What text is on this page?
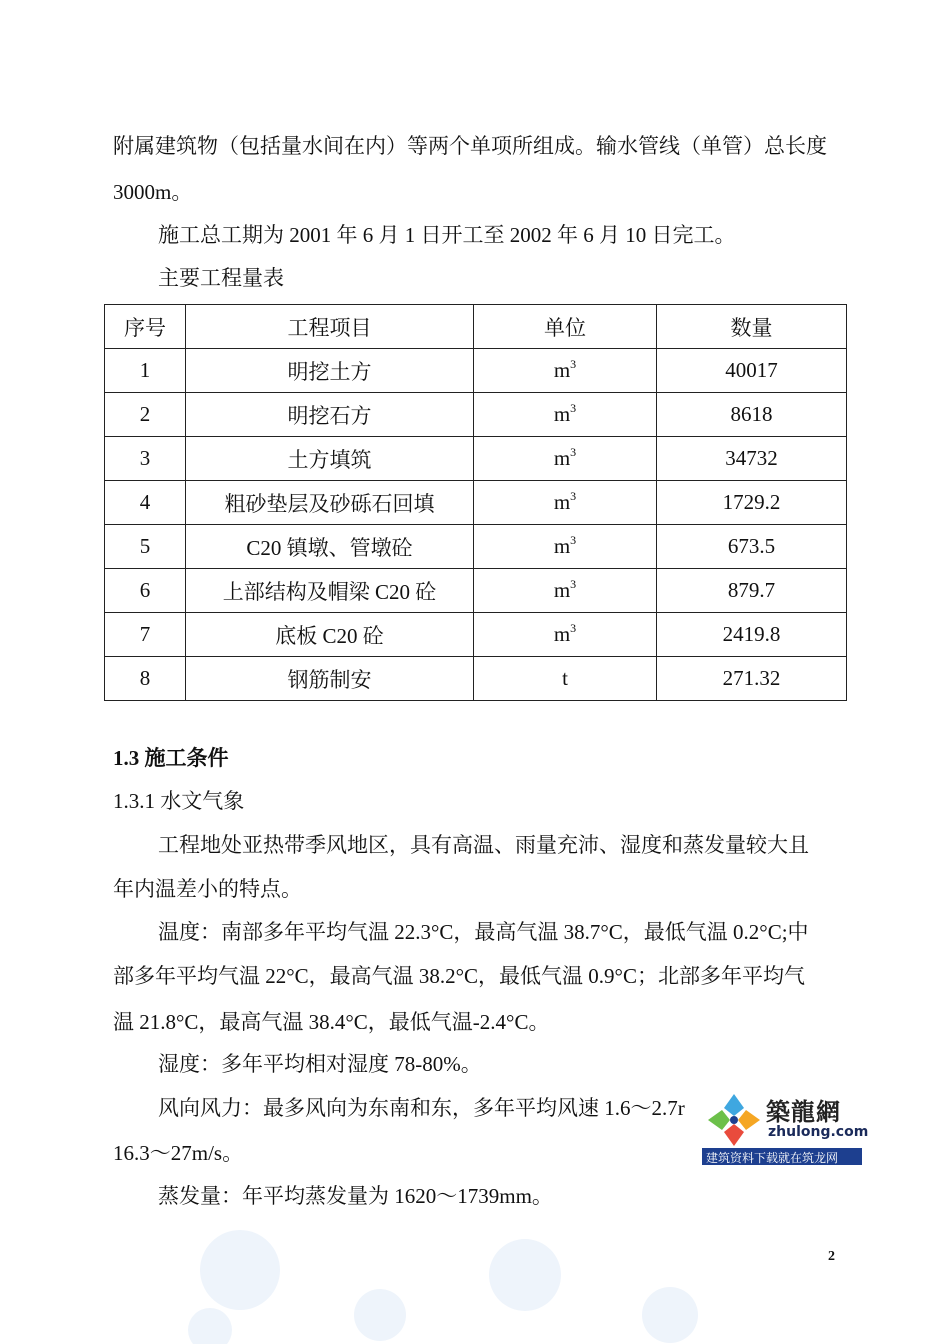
附属建筑物（包括量水间在内）等两个单项所组成。输水管线（单管）总长度
3000m。
施工总工期为 2001 年 6 月 1 日开工至 2002 年 6 月 10 日完工。
主要工程量表
序号	工程项目	单位	数量
1	明挖土方	$m^3$	40017
2	明挖石方	$m^3$	8618
3	土方填筑	$m^3$	34732
4	粗砂垫层及砂砾石回填	$m^3$	1729.2
5	C20 镇墩、管墩砼	$m^3$	673.5
6	上部结构及帽梁 C20 砼	$m^3$	879.7
7	底板 C20 砼	$m^3$	2419.8
8	钢筋制安	t	271.32
1.3 施工条件
1.3.1 水文气象
工程地处亚热带季风地区，具有高温、雨量充沛、湿度和蒸发量较大且
年内温差小的特点。
温度：南部多年平均气温 22.3°C，最高气温 38.7°C，最低气温 0.2°C;中
部多年平均气温 22°C，最高气温 38.2°C，最低气温 0.9°C；北部多年平均气
温 21.8°C，最高气温 38.4°C，最低气温-2.4°C。
湿度：多年平均相对湿度 78-80%。
风向风力：最多风向为东南和东，多年平均风速 1.6～2.7r
16.3～27m/s。
蒸发量：年平均蒸发量为 1620～1739mm。
築龍網
zhulong.com
建筑资料下载就在筑龙网
2
